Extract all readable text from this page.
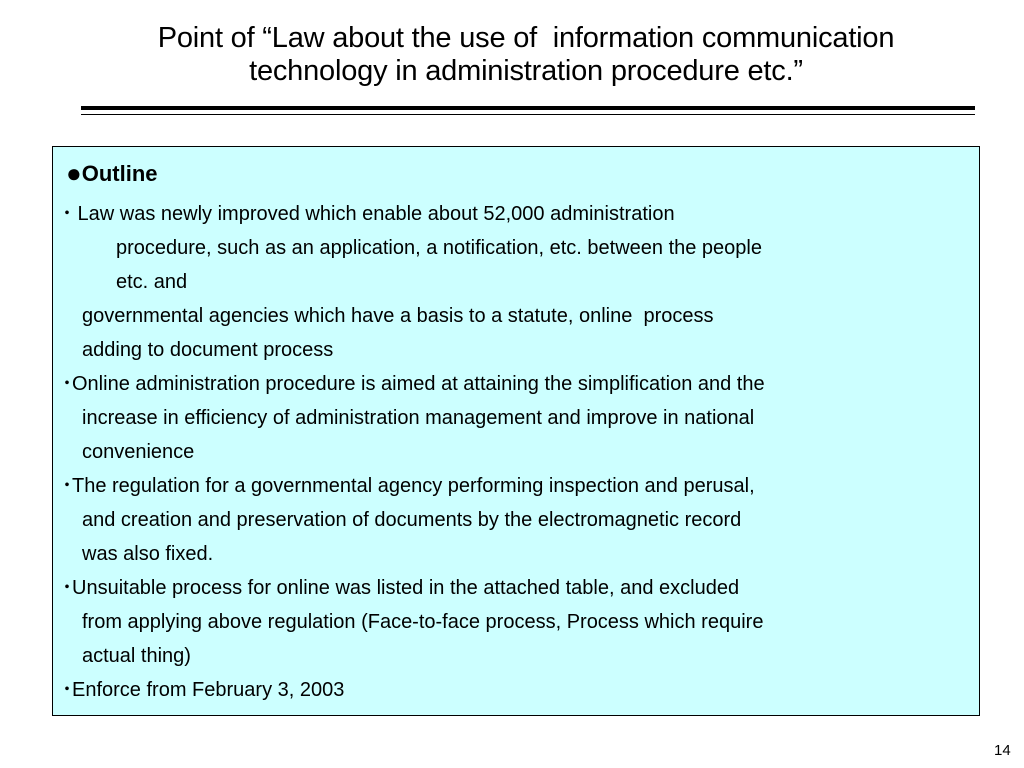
Point of “Law about the use of  information communication
technology in administration procedure etc.”
●Outline

･ Law was newly improved which enable about 52,000 administration

procedure, such as an application, a notification, etc. between the people

etc. and

governmental agencies which have a basis to a statute, online  process

adding to document process

･Online administration procedure is aimed at attaining the simplification and the

increase in efficiency of administration management and improve in national

convenience

･The regulation for a governmental agency performing inspection and perusal,

and creation and preservation of documents by the electromagnetic record

was also fixed.

･Unsuitable process for online was listed in the attached table, and excluded

from applying above regulation (Face-to-face process, Process which require

actual thing)

･Enforce from February 3, 2003

14
